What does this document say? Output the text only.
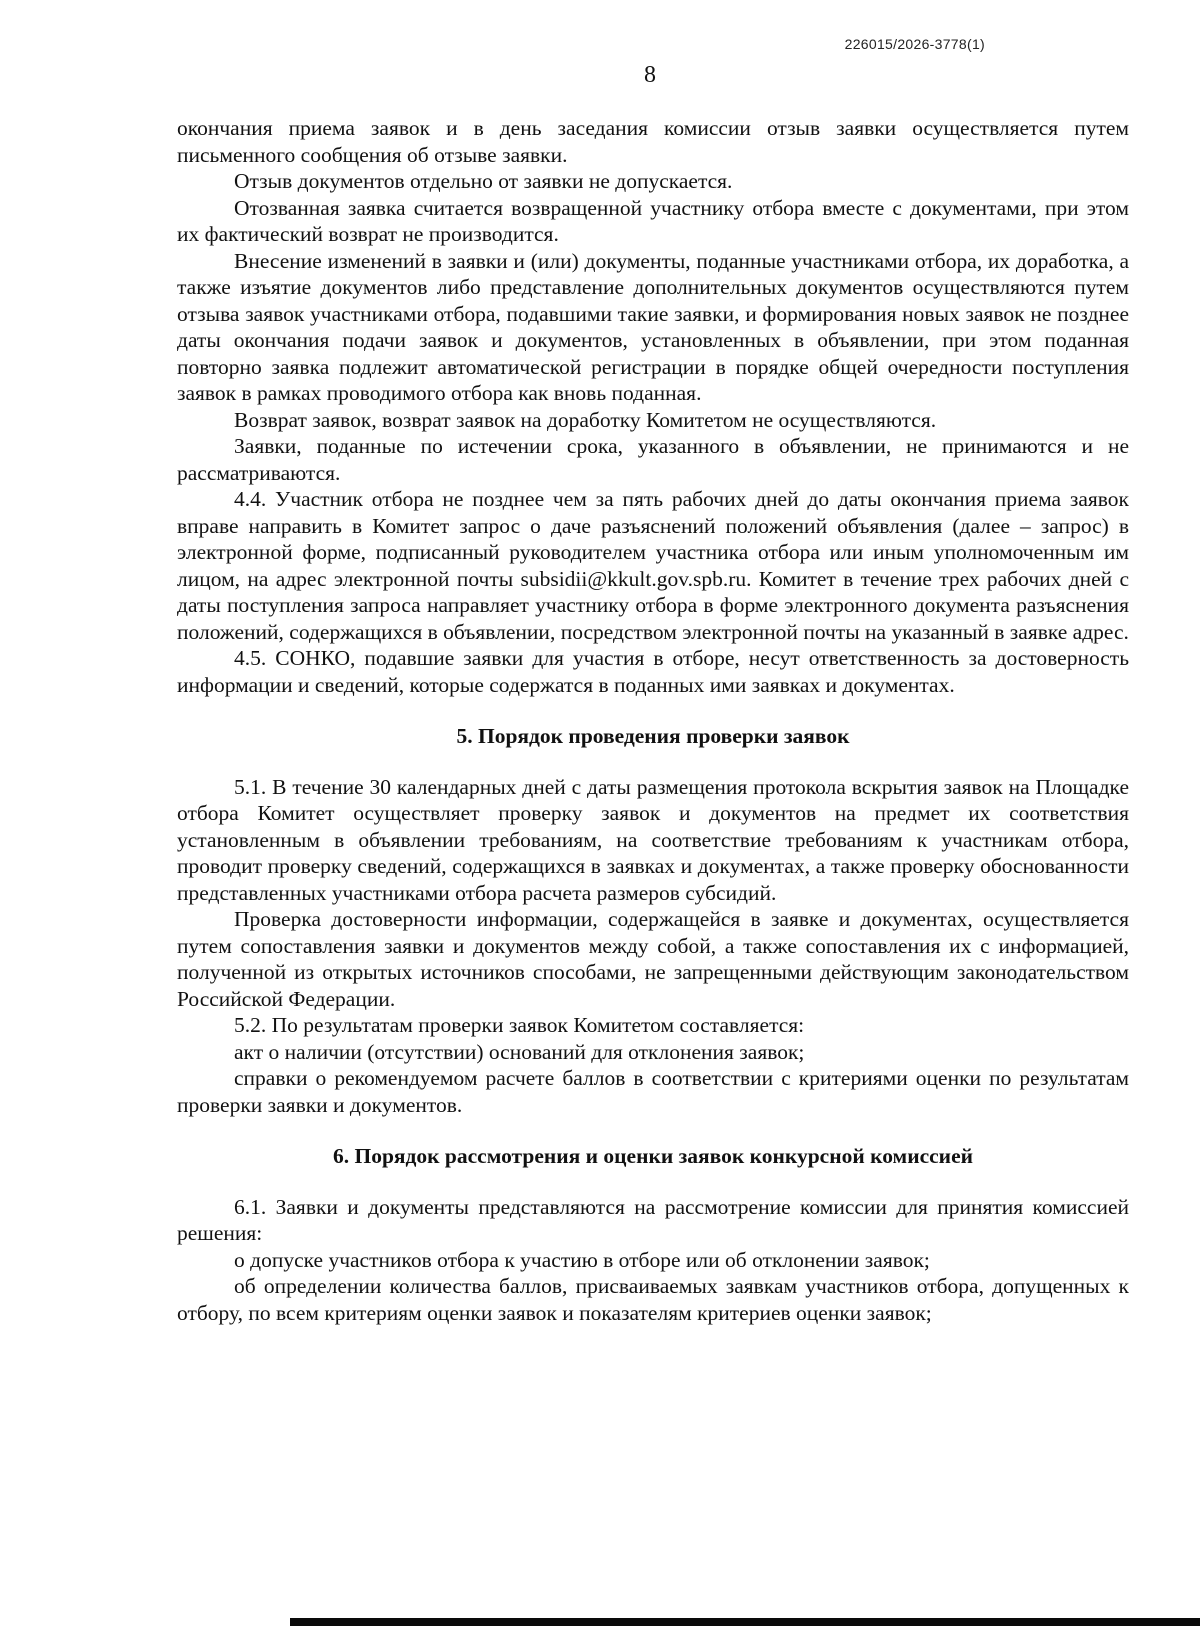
226015/2026-3778(1)
8

окончания приема заявок и в день заседания комиссии отзыв заявки осуществляется путем письменного сообщения об отзыве заявки.

Отзыв документов отдельно от заявки не допускается.

Отозванная заявка считается возвращенной участнику отбора вместе с документами, при этом их фактический возврат не производится.

Внесение изменений в заявки и (или) документы, поданные участниками отбора, их доработка, а также изъятие документов либо представление дополнительных документов осуществляются путем отзыва заявок участниками отбора, подавшими такие заявки, и формирования новых заявок не позднее даты окончания подачи заявок и документов, установленных в объявлении, при этом поданная повторно заявка подлежит автоматической регистрации в порядке общей очередности поступления заявок в рамках проводимого отбора как вновь поданная.

Возврат заявок, возврат заявок на доработку Комитетом не осуществляются.

Заявки, поданные по истечении срока, указанного в объявлении, не принимаются и не рассматриваются.

4.4. Участник отбора не позднее чем за пять рабочих дней до даты окончания приема заявок вправе направить в Комитет запрос о даче разъяснений положений объявления (далее – запрос) в электронной форме, подписанный руководителем участника отбора или иным уполномоченным им лицом, на адрес электронной почты subsidii@kkult.gov.spb.ru. Комитет в течение трех рабочих дней с даты поступления запроса направляет участнику отбора в форме электронного документа разъяснения положений, содержащихся в объявлении, посредством электронной почты на указанный в заявке адрес.

4.5. СОНКО, подавшие заявки для участия в отборе, несут ответственность за достоверность информации и сведений, которые содержатся в поданных ими заявках и документах.

5. Порядок проведения проверки заявок

5.1. В течение 30 календарных дней с даты размещения протокола вскрытия заявок на Площадке отбора Комитет осуществляет проверку заявок и документов на предмет их соответствия установленным в объявлении требованиям, на соответствие требованиям к участникам отбора, проводит проверку сведений, содержащихся в заявках и документах, а также проверку обоснованности представленных участниками отбора расчета размеров субсидий.

Проверка достоверности информации, содержащейся в заявке и документах, осуществляется путем сопоставления заявки и документов между собой, а также сопоставления их с информацией, полученной из открытых источников способами, не запрещенными действующим законодательством Российской Федерации.

5.2. По результатам проверки заявок Комитетом составляется:

акт о наличии (отсутствии) оснований для отклонения заявок;

справки о рекомендуемом расчете баллов в соответствии с критериями оценки по результатам проверки заявки и документов.

6. Порядок рассмотрения и оценки заявок конкурсной комиссией

6.1. Заявки и документы представляются на рассмотрение комиссии для принятия комиссией решения:

о допуске участников отбора к участию в отборе или об отклонении заявок;

об определении количества баллов, присваиваемых заявкам участников отбора, допущенных к отбору, по всем критериям оценки заявок и показателям критериев оценки заявок;
